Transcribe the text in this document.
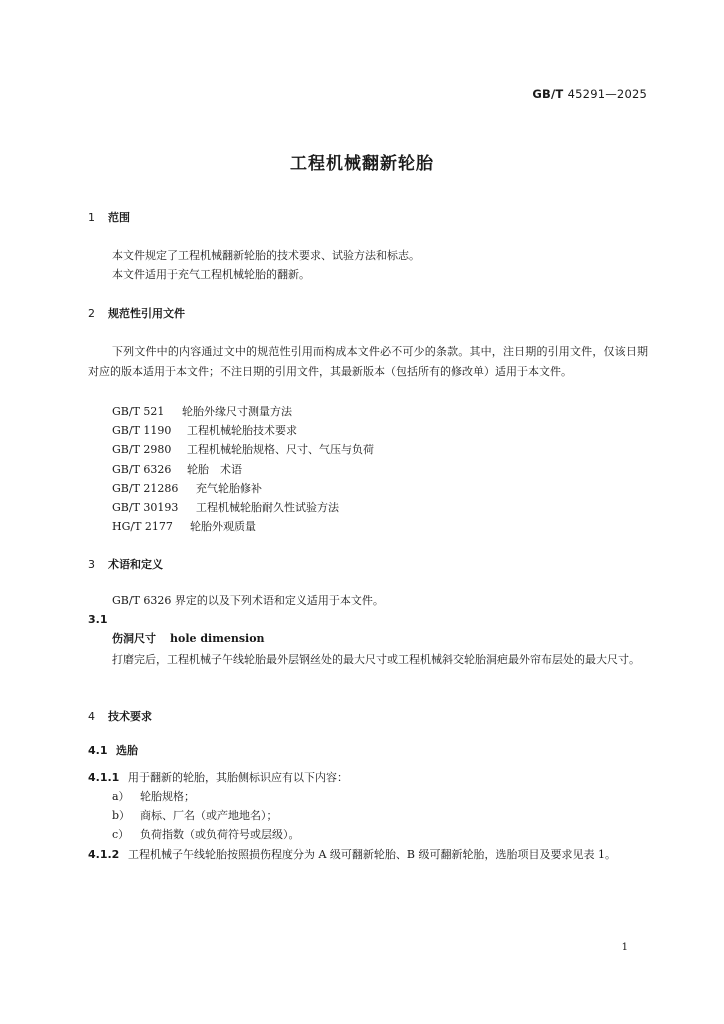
GB/T 45291—2025
工程机械翻新轮胎
1 范围
本文件规定了工程机械翻新轮胎的技术要求、试验方法和标志。
本文件适用于充气工程机械轮胎的翻新。
2 规范性引用文件
下列文件中的内容通过文中的规范性引用而构成本文件必不可少的条款。其中，注日期的引用文件，仅该日期对应的版本适用于本文件；不注日期的引用文件，其最新版本（包括所有的修改单）适用于本文件。
GB/T 521 轮胎外缘尺寸测量方法
GB/T 1190 工程机械轮胎技术要求
GB/T 2980 工程机械轮胎规格、尺寸、气压与负荷
GB/T 6326 轮胎　术语
GB/T 21286 充气轮胎修补
GB/T 30193 工程机械轮胎耐久性试验方法
HG/T 2177 轮胎外观质量
3 术语和定义
GB/T 6326 界定的以及下列术语和定义适用于本文件。
3.1
伤洞尺寸 hole dimension
打磨完后，工程机械子午线轮胎最外层钢丝处的最大尺寸或工程机械斜交轮胎洞疤最外帘布层处的最大尺寸。
4 技术要求
4.1 选胎
4.1.1 用于翻新的轮胎，其胎侧标识应有以下内容：
a） 轮胎规格；
b） 商标、厂名（或产地地名）；
c） 负荷指数（或负荷符号或层级）。
4.1.2 工程机械子午线轮胎按照损伤程度分为 A 级可翻新轮胎、B 级可翻新轮胎，选胎项目及要求见表 1。
1
